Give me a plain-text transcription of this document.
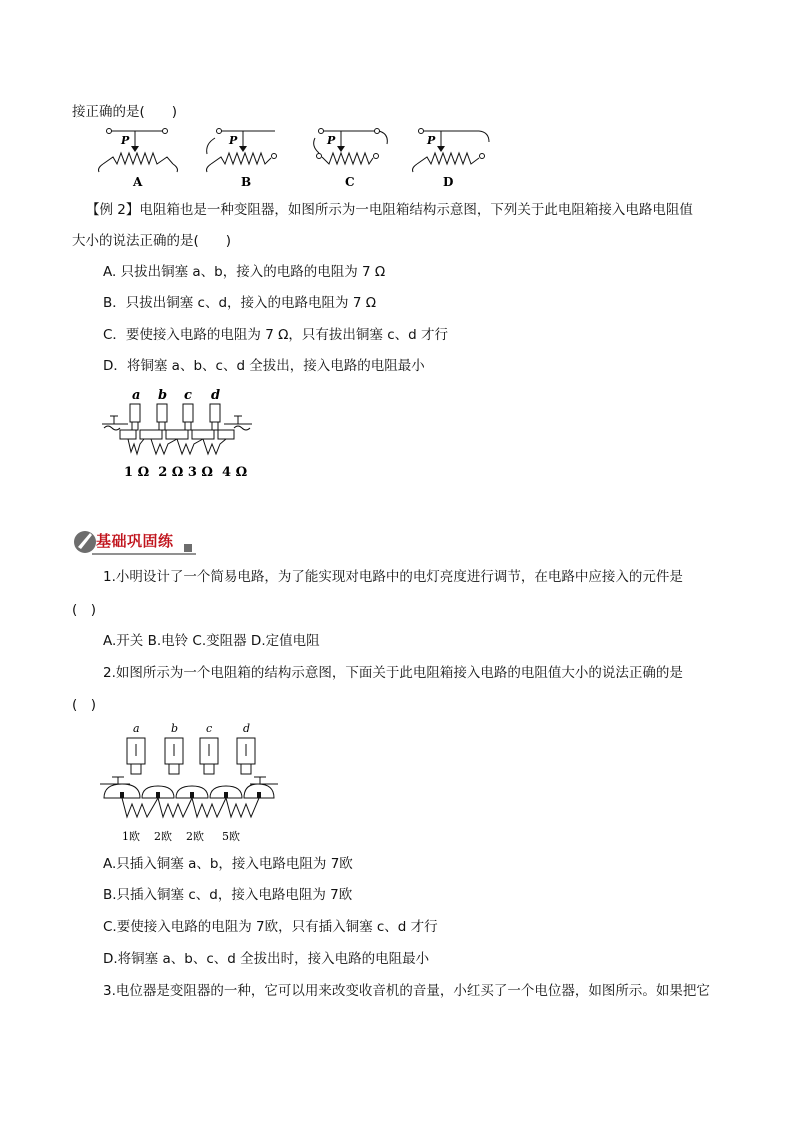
接正确的是(　　)
P
A
P
B
P
C
P
D
【例 2】电阻箱也是一种变阻器，如图所示为一电阻箱结构示意图，下列关于此电阻箱接入电路电阻值
大小的说法正确的是(　　)
A. 只拔出铜塞 a、b，接入的电路的电阻为 7 Ω
B．只拔出铜塞 c、d，接入的电路电阻为 7 Ω
C．要使接入电路的电阻为 7 Ω，只有拔出铜塞 c、d 才行
D．将铜塞 a、b、c、d 全拔出，接入电路的电阻最小
a b c d
1 Ω  2 Ω 3 Ω  4 Ω
基础巩固练
1.小明设计了一个简易电路，为了能实现对电路中的电灯亮度进行调节，在电路中应接入的元件是
(　)
A.开关 B.电铃 C.变阻器 D.定值电阻
2.如图所示为一个电阻箱的结构示意图，下面关于此电阻箱接入电路的电阻值大小的说法正确的是
(　)
a	b	c	d
1欧 2欧 2欧 5欧
A.只插入铜塞 a、b，接入电路电阻为 7欧
B.只插入铜塞 c、d，接入电路电阻为 7欧
C.要使接入电路的电阻为 7欧，只有插入铜塞 c、d 才行
D.将铜塞 a、b、c、d 全拔出时，接入电路的电阻最小
3.电位器是变阻器的一种，它可以用来改变收音机的音量，小红买了一个电位器，如图所示。如果把它
